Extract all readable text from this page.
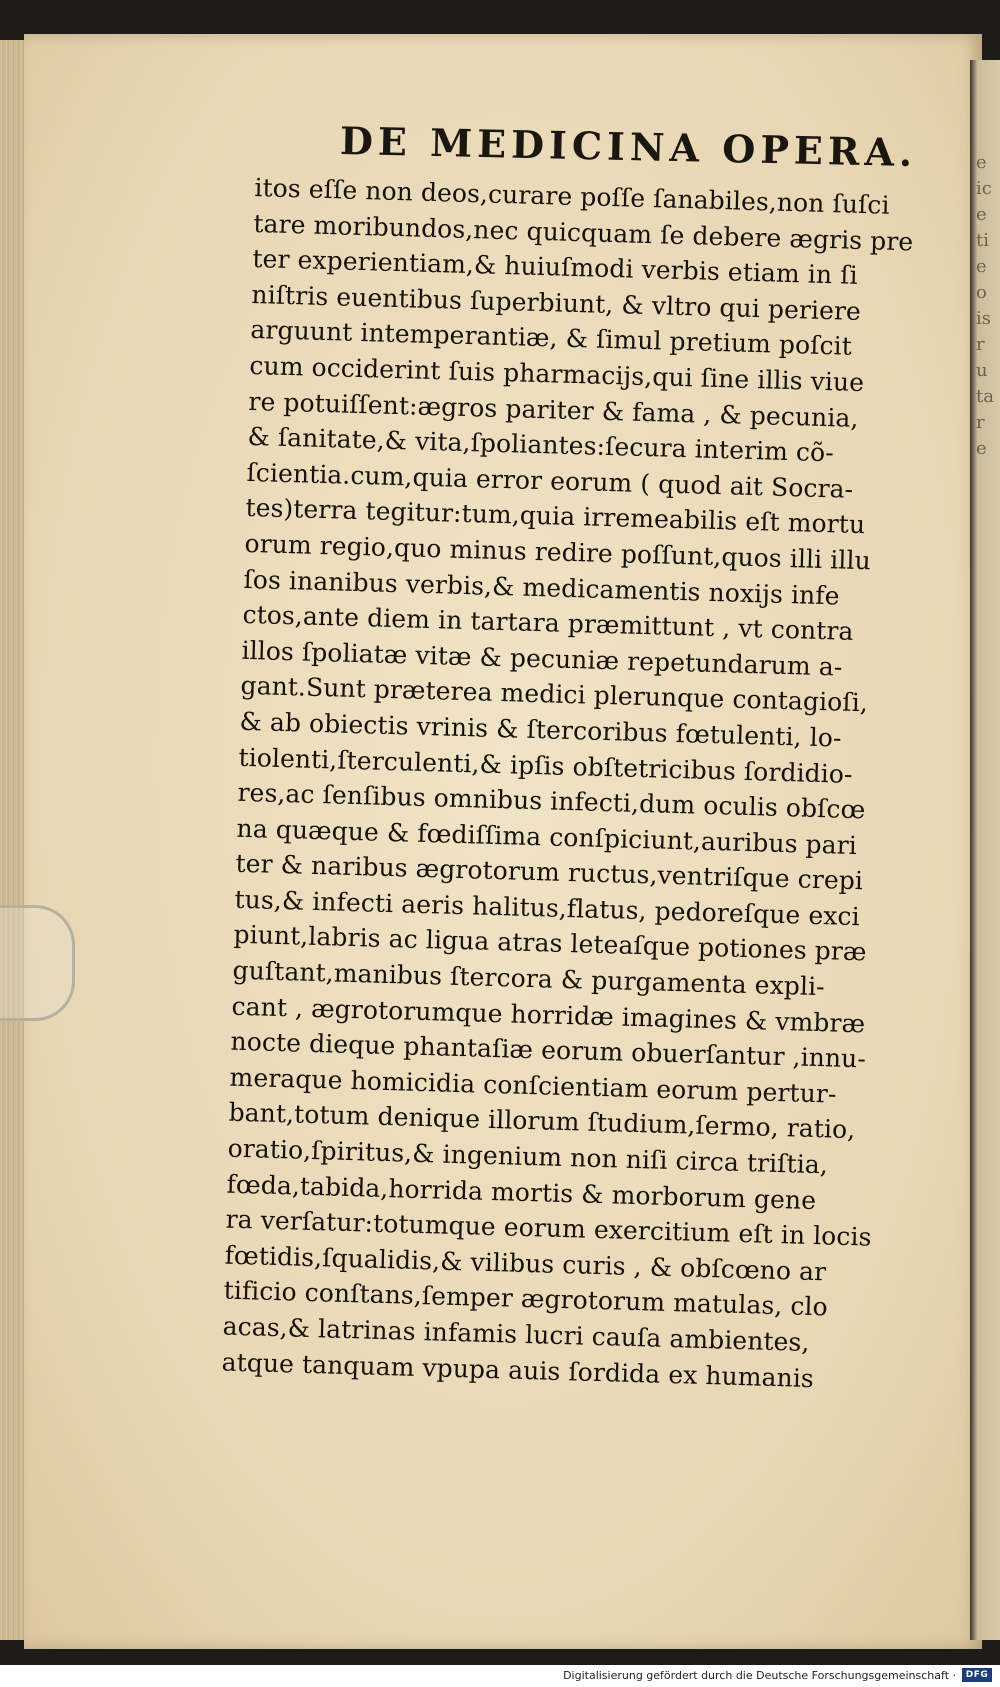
e ic e ti e o is r u ta r e
DE MEDICINA OPERA.
itos eſſe non deos,curare poſſe ſanabiles,non ſuſci
tare moribundos,nec quicquam ſe debere ægris pre
ter experientiam,& huiuſmodi verbis etiam in ſi
niſtris euentibus ſuperbiunt, & vltro qui periere
arguunt intemperantiæ, & ſimul pretium poſcit
cum occiderint ſuis pharmacijs,qui ſine illis viue
re potuiſſent:ægros pariter & fama , & pecunia,
& ſanitate,& vita,ſpoliantes:ſecura interim cõ-
ſcientia.cum,quia error eorum ( quod ait Socra-
tes)terra tegitur:tum,quia irremeabilis eſt mortu
orum regio,quo minus redire poſſunt,quos illi illu
ſos inanibus verbis,& medicamentis noxijs infe
ctos,ante diem in tartara præmittunt , vt contra
illos ſpoliatæ vitæ & pecuniæ repetundarum a-
gant.Sunt præterea medici plerunque contagioſi,
& ab obiectis vrinis & ſtercoribus fœtulenti, lo-
tiolenti,ſterculenti,& ipſis obſtetricibus ſordidio-
res,ac ſenſibus omnibus infecti,dum oculis obſcœ
na quæque & fœdiſſima conſpiciunt,auribus pari
ter & naribus ægrotorum ructus,ventriſque crepi
tus,& infecti aeris halitus,flatus, pedoreſque exci
piunt,labris ac ligua atras leteaſque potiones præ
guſtant,manibus ſtercora & purgamenta expli-
cant , ægrotorumque horridæ imagines & vmbræ
nocte dieque phantaſiæ eorum obuerſantur ,innu-
meraque homicidia conſcientiam eorum pertur-
bant,totum denique illorum ſtudium,ſermo, ratio,
oratio,ſpiritus,& ingenium non niſi circa triſtia,
fœda,tabida,horrida mortis & morborum gene
ra verſatur:totumque eorum exercitium eſt in locis
fœtidis,ſqualidis,& vilibus curis , & obſcœno ar
tificio conſtans,ſemper ægrotorum matulas, clo
acas,& latrinas infamis lucri cauſa ambientes,
atque tanquam vpupa auis ſordida ex humanis
Digitalisierung gefördert durch die Deutsche Forschungsgemeinschaft ·	DFG
